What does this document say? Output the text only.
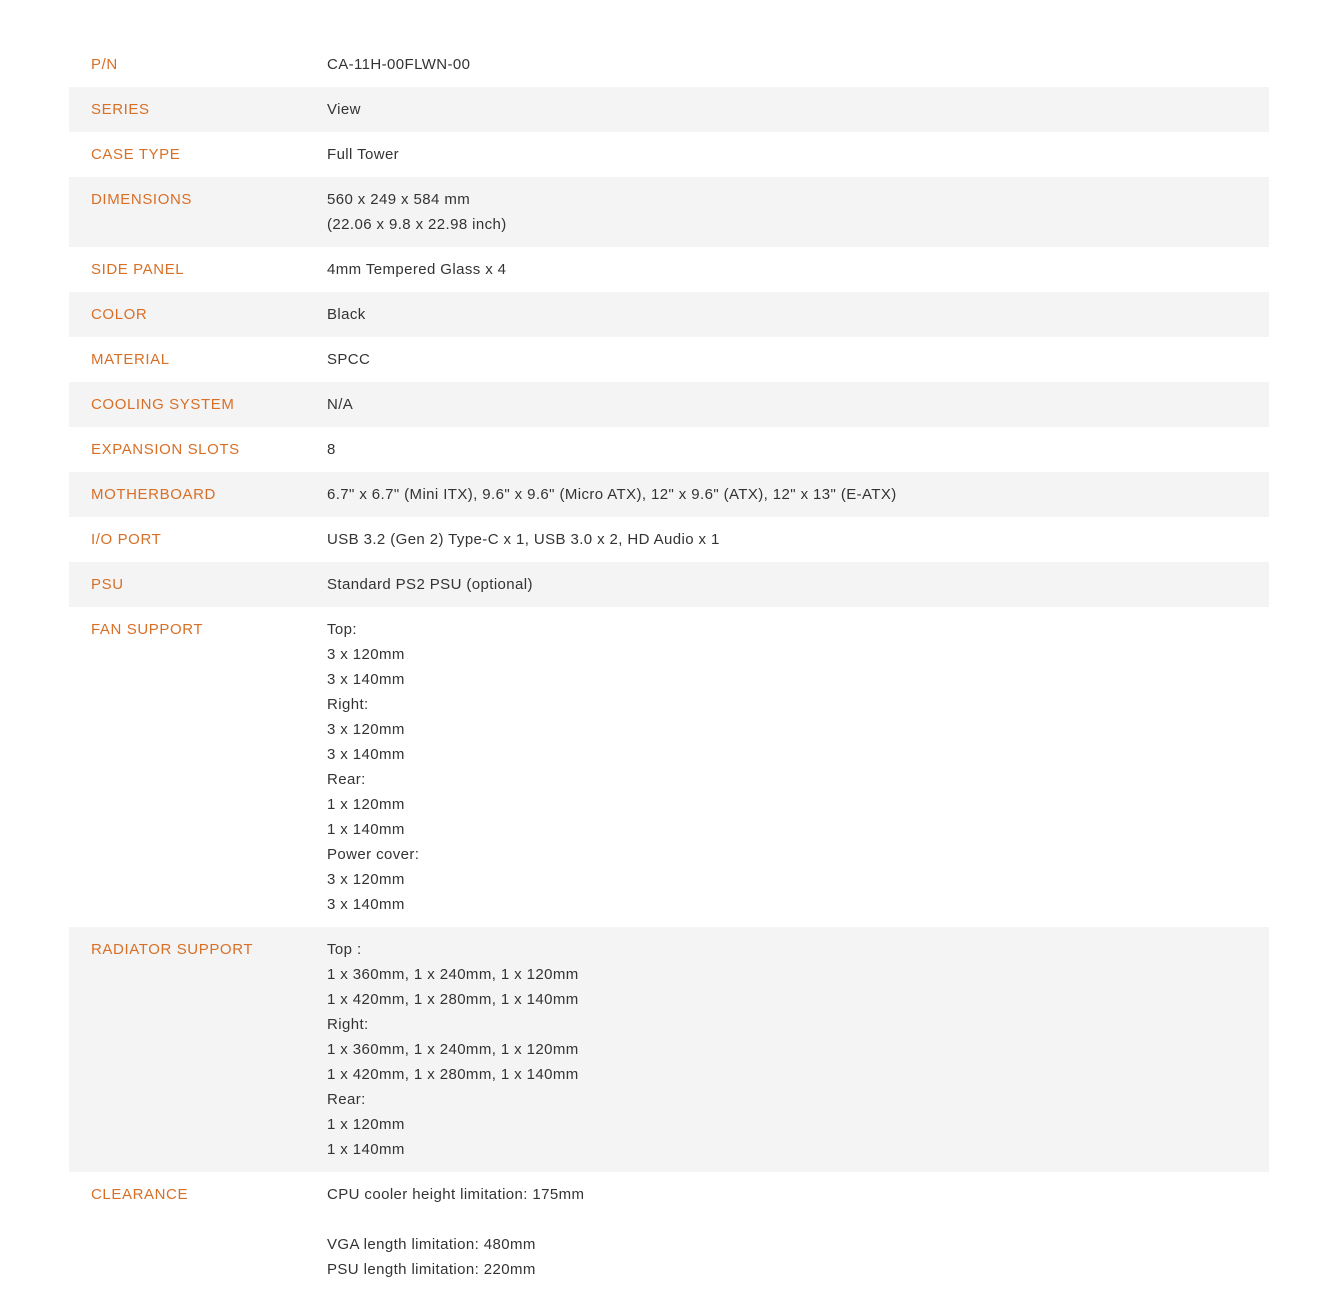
P/N	CA-11H-00FLWN-00
SERIES	View
CASE TYPE	Full Tower
DIMENSIONS	560 x 249 x 584 mm
(22.06 x 9.8 x 22.98 inch)
SIDE PANEL	4mm Tempered Glass x 4
COLOR	Black
MATERIAL	SPCC
COOLING SYSTEM	N/A
EXPANSION SLOTS	8
MOTHERBOARD	6.7" x 6.7" (Mini ITX), 9.6" x 9.6" (Micro ATX), 12" x 9.6" (ATX), 12" x 13" (E-ATX)
I/O PORT	USB 3.2 (Gen 2) Type-C x 1, USB 3.0 x 2, HD Audio x 1
PSU	Standard PS2 PSU (optional)
FAN SUPPORT	Top:
3 x 120mm
3 x 140mm
Right:
3 x 120mm
3 x 140mm
Rear:
1 x 120mm
1 x 140mm
Power cover:
3 x 120mm
3 x 140mm
RADIATOR SUPPORT	Top :
1 x 360mm, 1 x 240mm, 1 x 120mm
1 x 420mm, 1 x 280mm, 1 x 140mm
Right:
1 x 360mm, 1 x 240mm, 1 x 120mm
1 x 420mm, 1 x 280mm, 1 x 140mm
Rear:
1 x 120mm
1 x 140mm
CLEARANCE	CPU cooler height limitation: 175mm
VGA length limitation: 480mm
PSU length limitation: 220mm
